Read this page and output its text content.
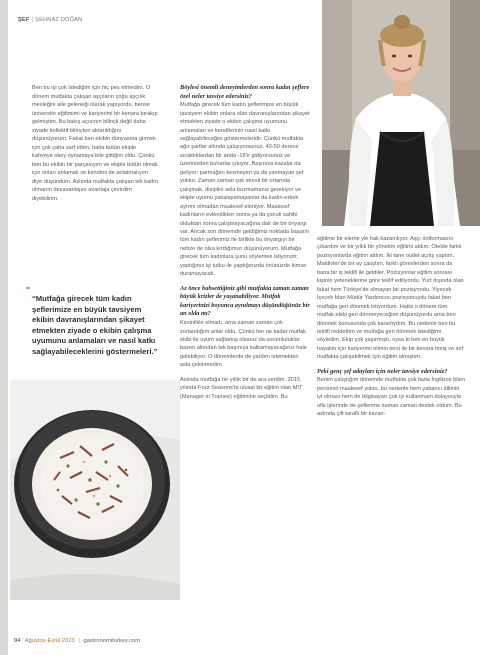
ŞEF | ŞEHNAZ DOĞAN

Ben bu işi çok istediğim için hiç pes etmedim. O dönem mutfakta çalışan aşçıların çoğu aşçılık mesleğini aile geleneği olarak yapıyordu, bense üniversite eğitimimi ve kariyerimi bir kenara bırakıp gelmiştim. Bu bakış açısının bilinçli değil daha ziyade kollektif bilinçten aktarıldığını düşünüyorum. Fakat ben ekibin dünyasına girmek için çok çaba sarf ettim, hatta bütün ekiple kahveye okey oynamaya bile gittiğim oldu. Çünkü ben bu ekibin bir parçasıyım ve ekiple bütün olmak için onları anlamalı ve kendimi de anlatmalıyım diye düşündüm. Aslında mutfakta çalışan tek kadın olmanın dezavantajını avantaja çevirdim diyebilirim.

“Mutfağa girecek tüm kadın şeflerimize en büyük tavsiyem ekibin davranışlarından şikayet etmekten ziyade o ekibin çalışma uyumunu anlamaları ve nasıl katkı sağlayabileceklerini göstermeleri.”

Böylesi önemli deneyimlerden sonra kadın şeflere özel neler tavsiye edersiniz?

Mutfağa girecek tüm kadın şeflerimize en büyük tavsiyem ekibin onlara olan davranışlarından şikayet etmekten ziyade o ekibin çalışma uyumunu anlamaları ve kendilerinin nasıl katkı sağlayabileceğini göstermeleridir. Çünkü mutfakta ağır şartlar altında çalışıyorsunuz, 40-50 derece sıcaklıklardan bir anda -18'e gidiyorsunuz ve üzerinizden buharlar çıkıyor. Başınıza kazalar da geliyor; parmağını kesmeyen ya da yanmayan şef yoktur. Zaman zaman çok stresli bir ortamda çalışmak, disiplini asla bozmamanız gerekiyor ve ekiple uyumu yakalayamayanlar da kadın-erkek ayrımı olmadan maalesef eleniyor. Maalesef kadınların evlendikten sonra ya da çocuk sahibi olduktan sonra çalışmayacağına dair de bir önyargı var. Ancak son dönemde geldiğimiz noktada başarılı tüm kadın şeflerimiz ile birlikte bu önyargıyı bir nebze de olsa kırdığımızı düşünüyorum. Mutfağa girecek tüm kadınlara şunu söylemek istiyorum; yaptığınız işi tutku ile yaptığınızda önünüzde kimse duramayacak.

Az önce bahsettiğiniz gibi mutfakta zaman zaman büyük krizler de yaşanabiliyor. Mutfak kariyerinizi boyunca aynılmayı düşündüğünüz bir an olda mı?

Kesinlikle olmadı, ama zaman zaman çok zorlandığım anlar oldu. Çünkü her ne kadar mutfak ekibi ile uyum sağlamış olsanız da sorumluluklar bazen altından tek başınıza kalkamayacağınız hale gelebiliyor. O dönemlerde de yardım istemekten asla çekinmedim.

Aslında mutfağa bir yıllık bir de ara verdim. 2015 yılında Four Seasons'ta ulusal bir eğitim olan MIT (Manager in Trainee) eğitimine seçildim. Bu

eğitime bir eleme yle hak kazanılıyor. Aşçı üniformasını çıkardım ve bir yıllık bir yönetim eğitimi aldım. Otelde farklı pozisyonlarda eğitim aldım. İki tane outlet açılış yaptım, Maldivler'de bir ay çalıştım, farklı görevlerden sonra da bana bir iş teklifi ile geldiler. Pozisyonlar eğitim sonrası kişinin yeteneklerine göre teklif ediliyordu. Yurt dışında olan fakat hem Türkiye'de olmayan bir pozisyondu. Yiyecek İçecek İdari Müdür Yardımcısı pozisyonuydu fakat ben mutfağa geri dönmek istiyordum. Hatta o dönem tüm mutfak ekibi geri dönmeyeceğimi düşünüyordu ama ben dönmek konusunda çok kararlıydım. Bu nedenle ben bu teklifi reddettim ve mutfağa geri dönmek istediğimi söyledim. Ekip çok şaşırmıştı, oysa ki ben en büyük hayalim için kariyerimi elimin tersi ile bir kenara itmiş ve sırf mutfakta çalışabilmek için eğitim almıştım.

Peki genç şef adayları için neler tavsiye edersiniz?

Benim çalıştığım dönemde mutfakta çok fazla İngilizce bilen personel maalesef yoktu, bu nedenle hem yabancı dilimin iyi olması hem de bilgisayarı çok iyi kullanmam dolayısıyla ofis işlerinde de şeflerime zaman zaman destek oldum. Bu aslında çift taraflı bir kazan-

94 Ağustos-Eylül 2023 | gastronomiturkey.com
